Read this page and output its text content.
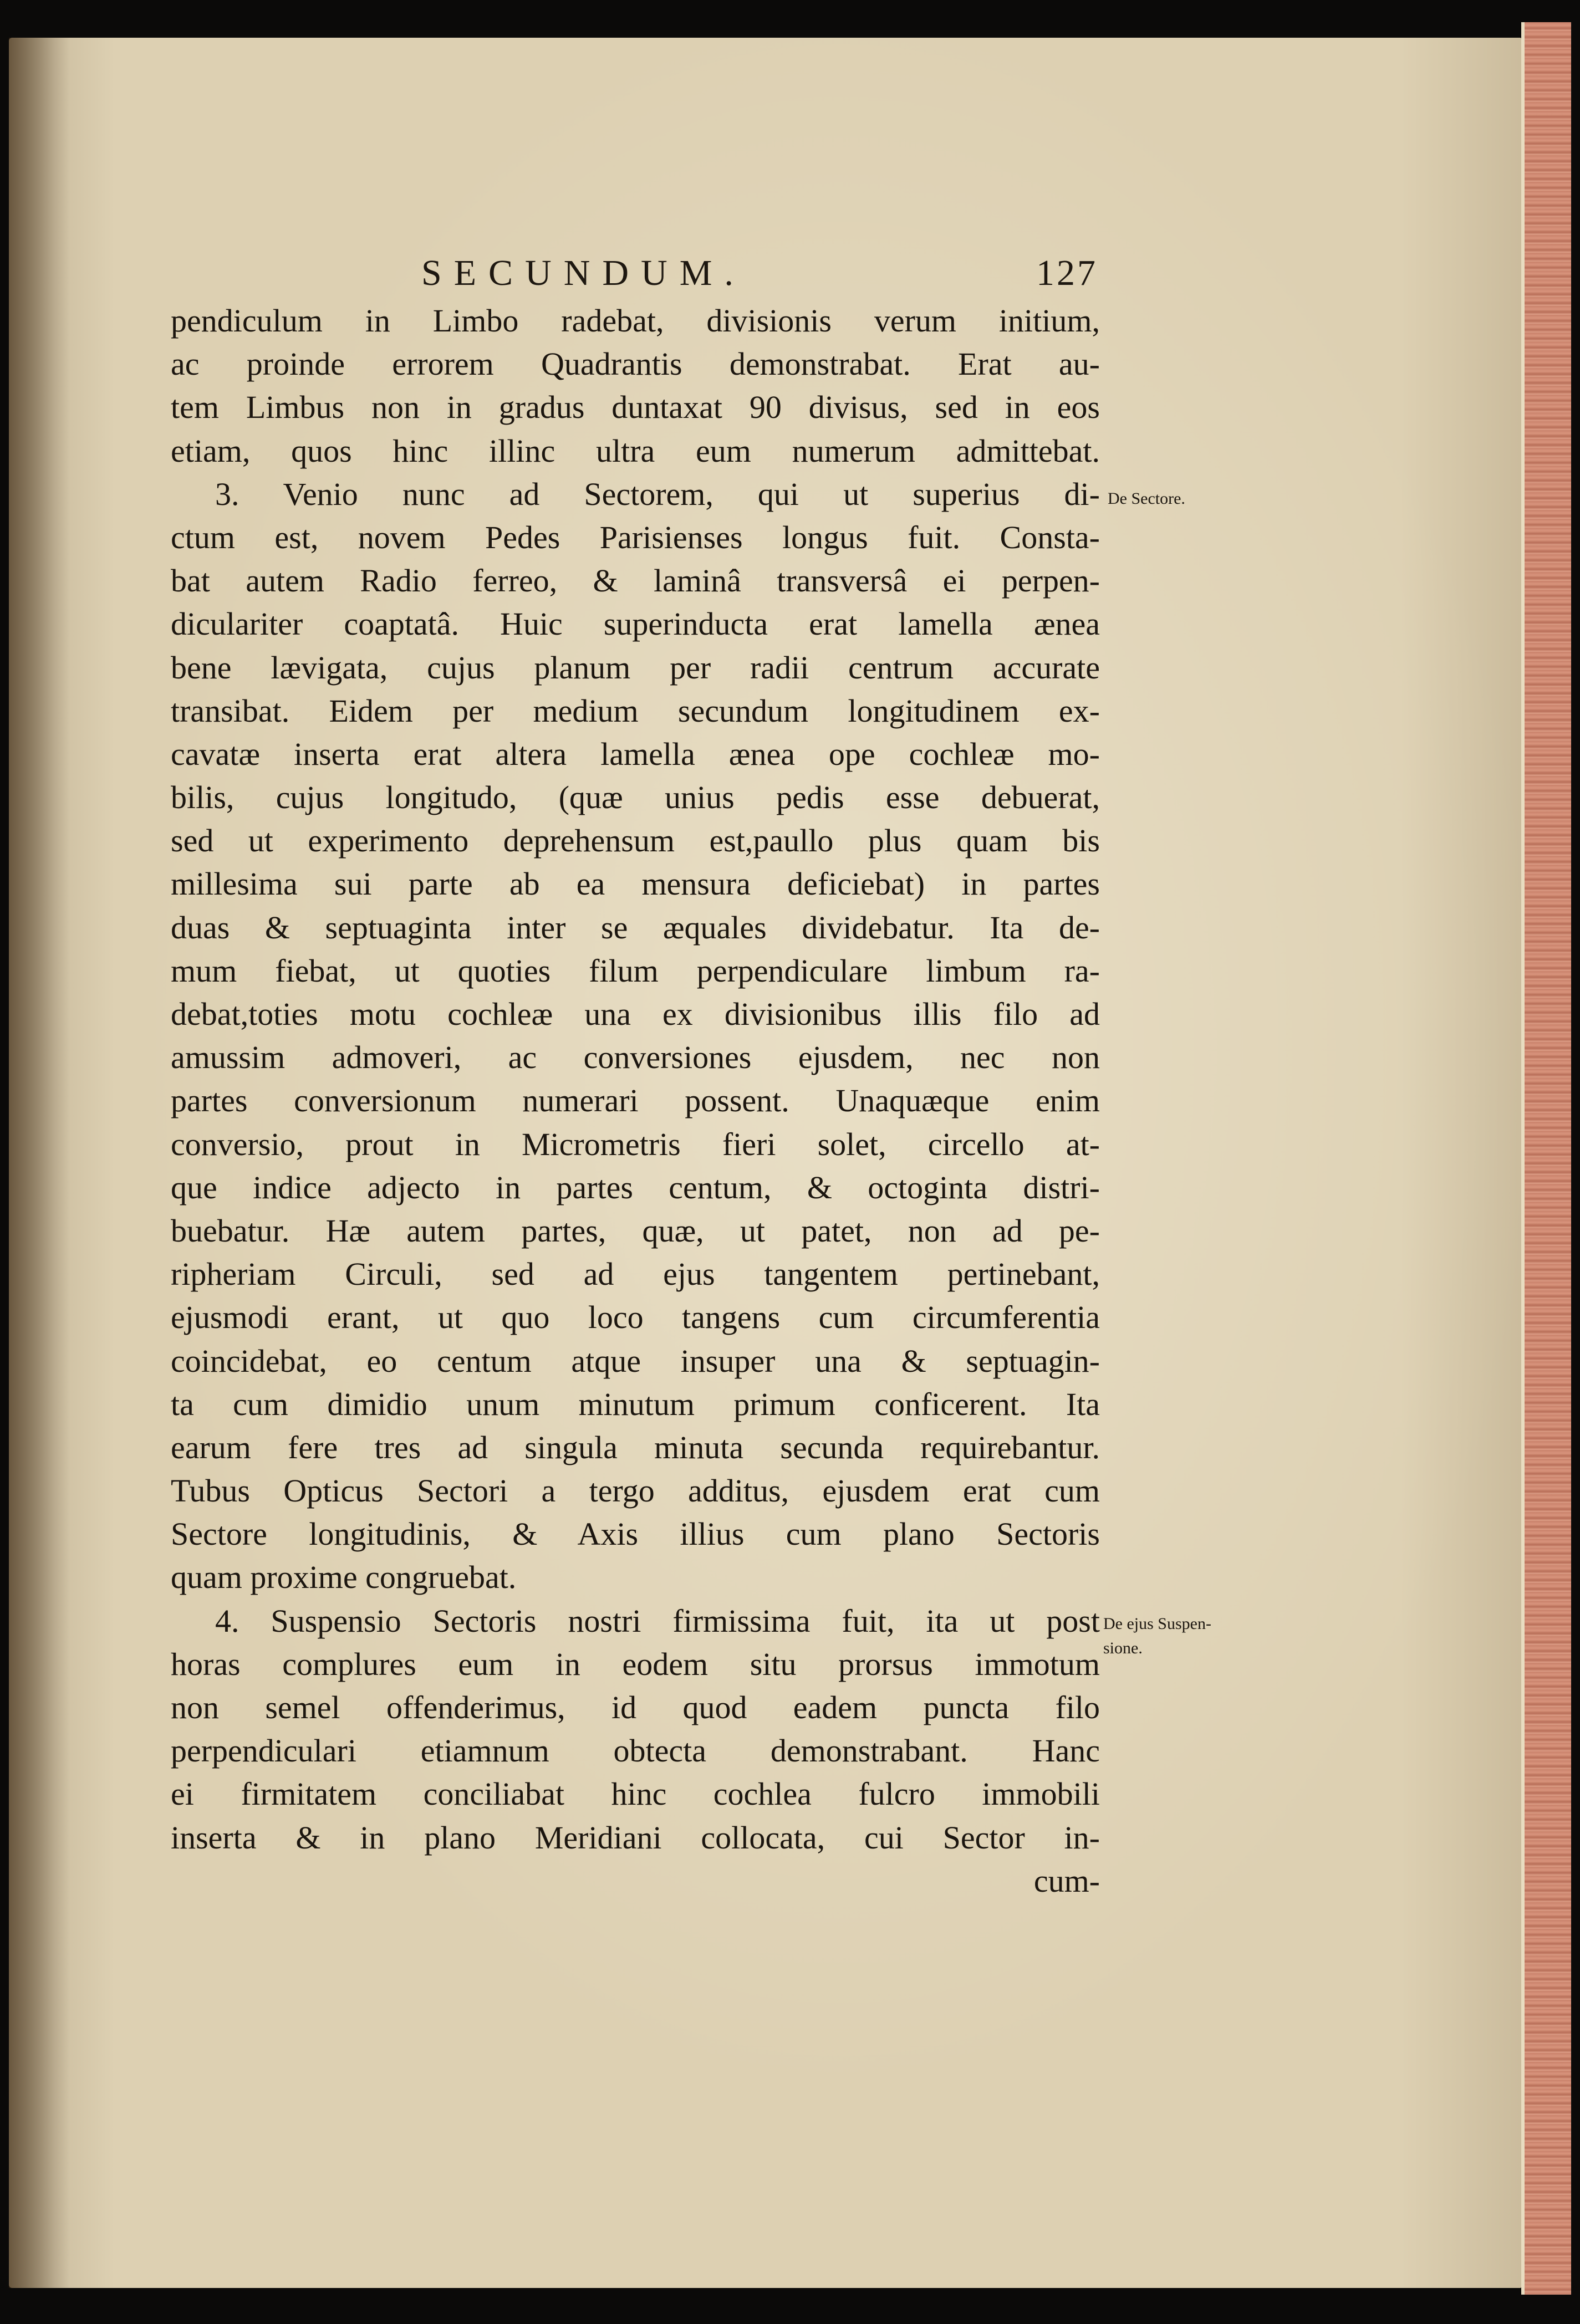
SECUNDUM.	127
pendiculum in Limbo radebat, divisionis verum initium,
ac proinde errorem Quadrantis demonstrabat. Erat au-
tem Limbus non in gradus duntaxat 90 divisus, sed in eos
etiam, quos hinc illinc ultra eum numerum admittebat.
3. Venio nunc ad Sectorem, qui ut superius di-
ctum est, novem Pedes Parisienses longus fuit. Consta-
bat autem Radio ferreo, & laminâ transversâ ei perpen-
diculariter coaptatâ. Huic superinducta erat lamella ænea
bene lævigata, cujus planum per radii centrum accurate
transibat. Eidem per medium secundum longitudinem ex-
cavatæ inserta erat altera lamella ænea ope cochleæ mo-
bilis, cujus longitudo, (quæ unius pedis esse debuerat,
sed ut experimento deprehensum est,paullo plus quam bis
millesima sui parte ab ea mensura deficiebat) in partes
duas & septuaginta inter se æquales dividebatur. Ita de-
mum fiebat, ut quoties filum perpendiculare limbum ra-
debat,toties motu cochleæ una ex divisionibus illis filo ad
amussim admoveri, ac conversiones ejusdem, nec non
partes conversionum numerari possent. Unaquæque enim
conversio, prout in Micrometris fieri solet, circello at-
que indice adjecto in partes centum, & octoginta distri-
buebatur. Hæ autem partes, quæ, ut patet, non ad pe-
ripheriam Circuli, sed ad ejus tangentem pertinebant,
ejusmodi erant, ut quo loco tangens cum circumferentia
coincidebat, eo centum atque insuper una & septuagin-
ta cum dimidio unum minutum primum conficerent. Ita
earum fere tres ad singula minuta secunda requirebantur.
Tubus Opticus Sectori a tergo additus, ejusdem erat cum
Sectore longitudinis, & Axis illius cum plano Sectoris
quam proxime congruebat.
4. Suspensio Sectoris nostri firmissima fuit, ita ut post
horas complures eum in eodem situ prorsus immotum
non semel offenderimus, id quod eadem puncta filo
perpendiculari etiamnum obtecta demonstrabant. Hanc
ei firmitatem conciliabat hinc cochlea fulcro immobili
inserta & in plano Meridiani collocata, cui Sector in-
cum-
De Sectore.
De ejus Suspen-
sione.
